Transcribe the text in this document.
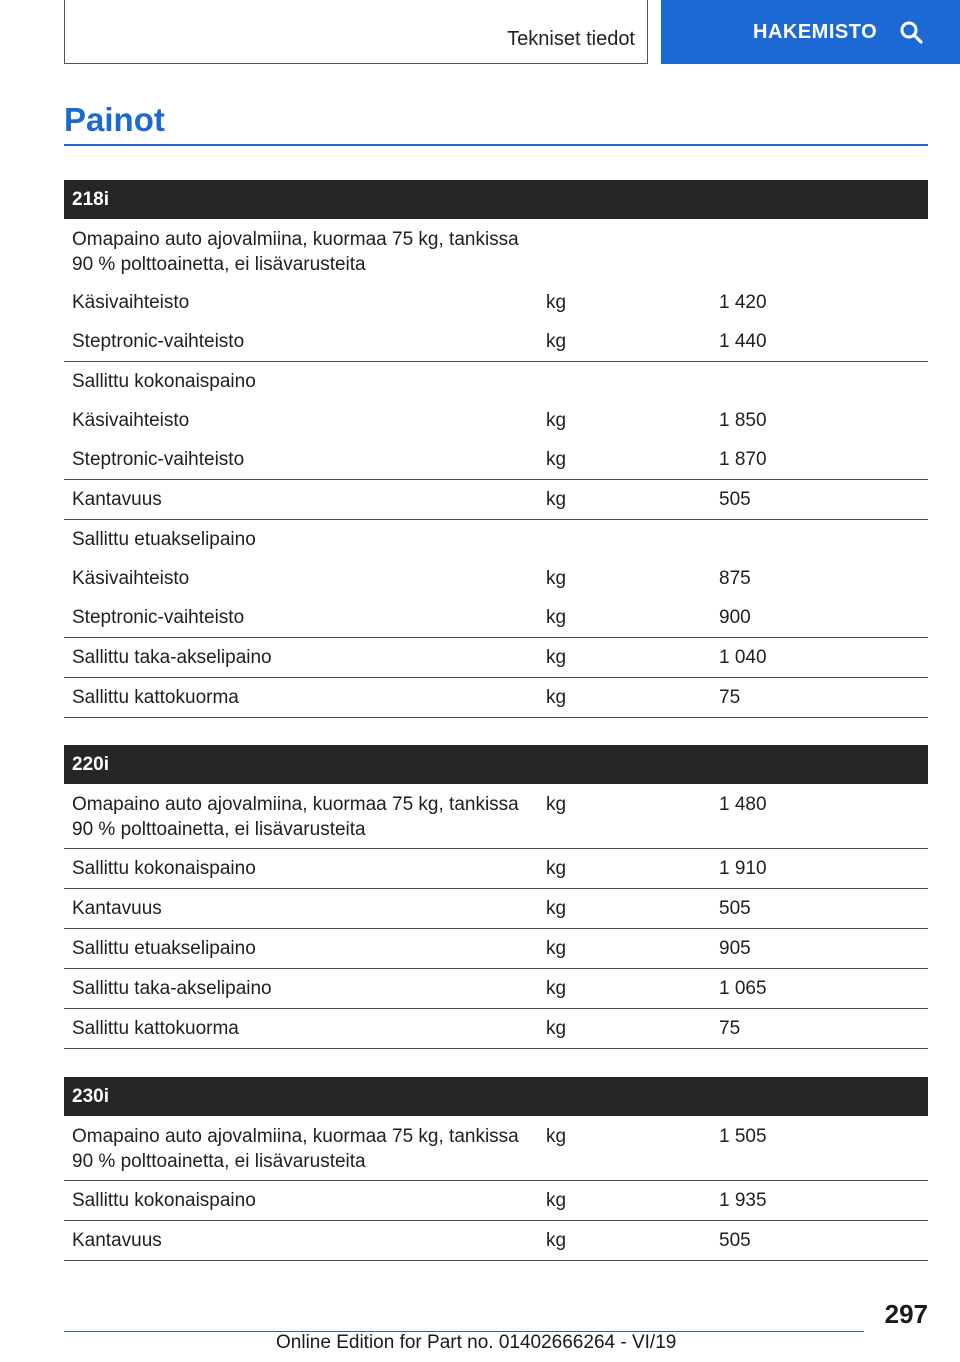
Tekniset tiedot	HAKEMISTO
Painot
218i		
Omapaino auto ajovalmiina, kuormaa 75 kg, tankissa 90 % polttoainetta, ei lisävarusteita		
Käsivaihteisto	kg	1 420
Steptronic-vaihteisto	kg	1 440
Sallittu kokonaispaino		
Käsivaihteisto	kg	1 850
Steptronic-vaihteisto	kg	1 870
Kantavuus	kg	505
Sallittu etuakselipaino		
Käsivaihteisto	kg	875
Steptronic-vaihteisto	kg	900
Sallittu taka-akselipaino	kg	1 040
Sallittu kattokuorma	kg	75
220i		
Omapaino auto ajovalmiina, kuormaa 75 kg, tankissa 90 % polttoainetta, ei lisävarusteita	kg	1 480
Sallittu kokonaispaino	kg	1 910
Kantavuus	kg	505
Sallittu etuakselipaino	kg	905
Sallittu taka-akselipaino	kg	1 065
Sallittu kattokuorma	kg	75
230i		
Omapaino auto ajovalmiina, kuormaa 75 kg, tankissa 90 % polttoainetta, ei lisävarusteita	kg	1 505
Sallittu kokonaispaino	kg	1 935
Kantavuus	kg	505
297
Online Edition for Part no. 01402666264 - VI/19
